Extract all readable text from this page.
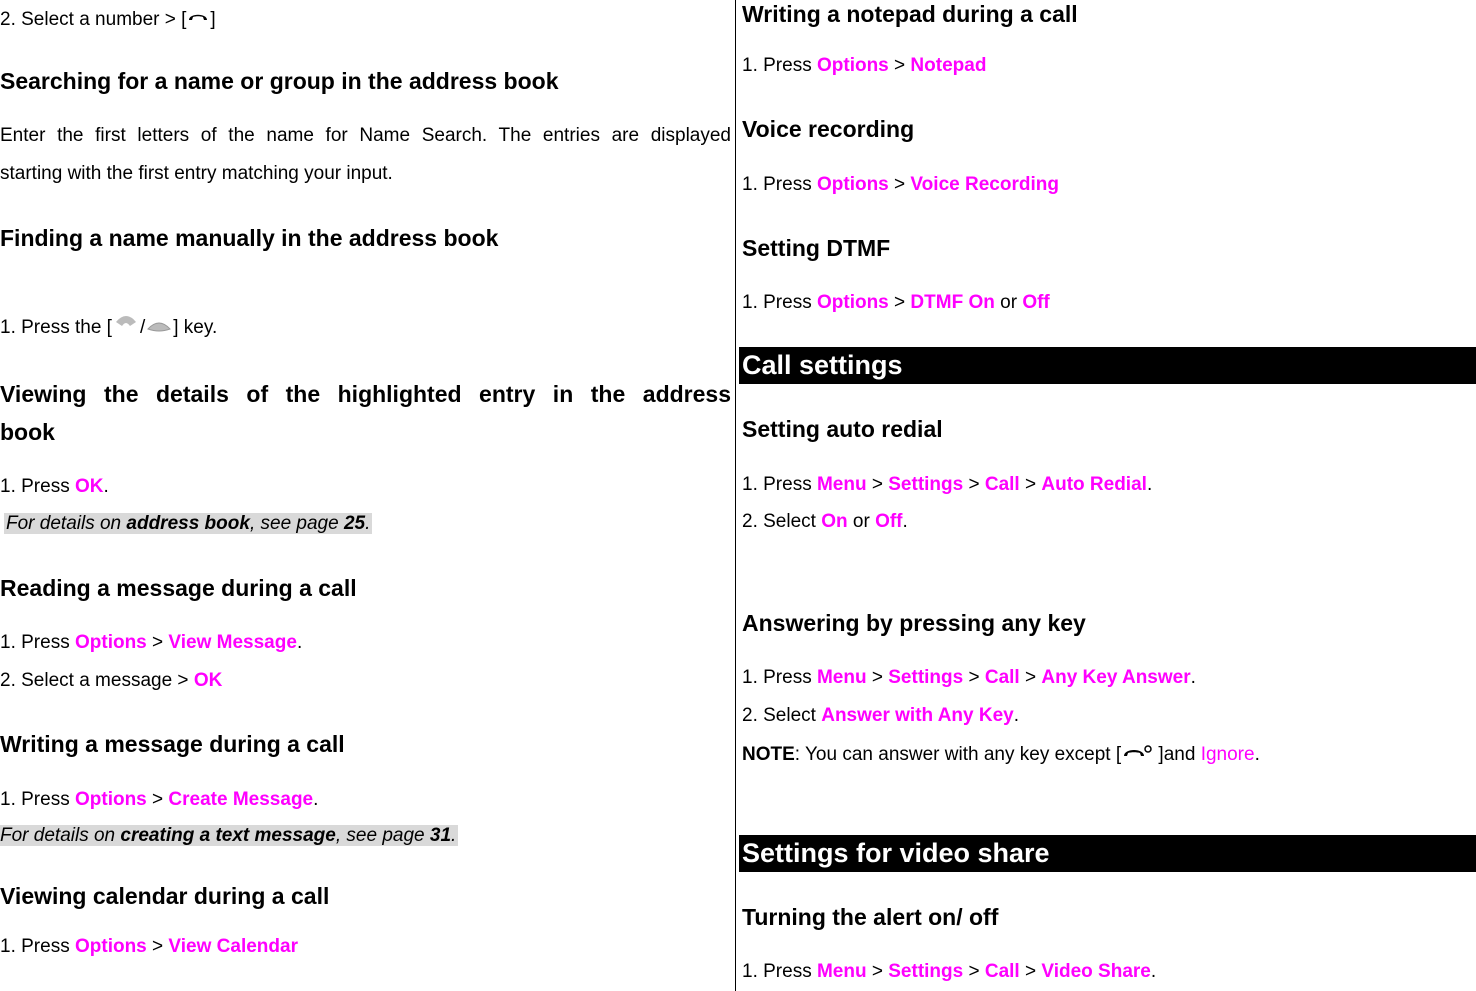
2. Select a number > [ ]
Searching for a name or group in the address book
Enter the first letters of the name for Name Search. The entries are displayed
starting with the first entry matching your input.
Finding a name manually in the address book
1. Press the [ / ] key.
Viewing the details of the highlighted entry in the address
book
1. Press OK.
For details on address book, see page 25.
Reading a message during a call
1. Press Options > View Message.
2. Select a message > OK
Writing a message during a call
1. Press Options > Create Message.
For details on creating a text message, see page 31.
Viewing calendar during a call
1. Press Options > View Calendar
Writing a notepad during a call
1. Press Options > Notepad
Voice recording
1. Press Options > Voice Recording
Setting DTMF
1. Press Options > DTMF On or Off
Call settings
Setting auto redial
1. Press Menu > Settings > Call > Auto Redial.
2. Select On or Off.
Answering by pressing any key
1. Press Menu > Settings > Call > Any Key Answer.
2. Select Answer with Any Key.
NOTE: You can answer with any key except [ ]and Ignore.
Settings for video share
Turning the alert on/ off
1. Press Menu > Settings > Call > Video Share.
